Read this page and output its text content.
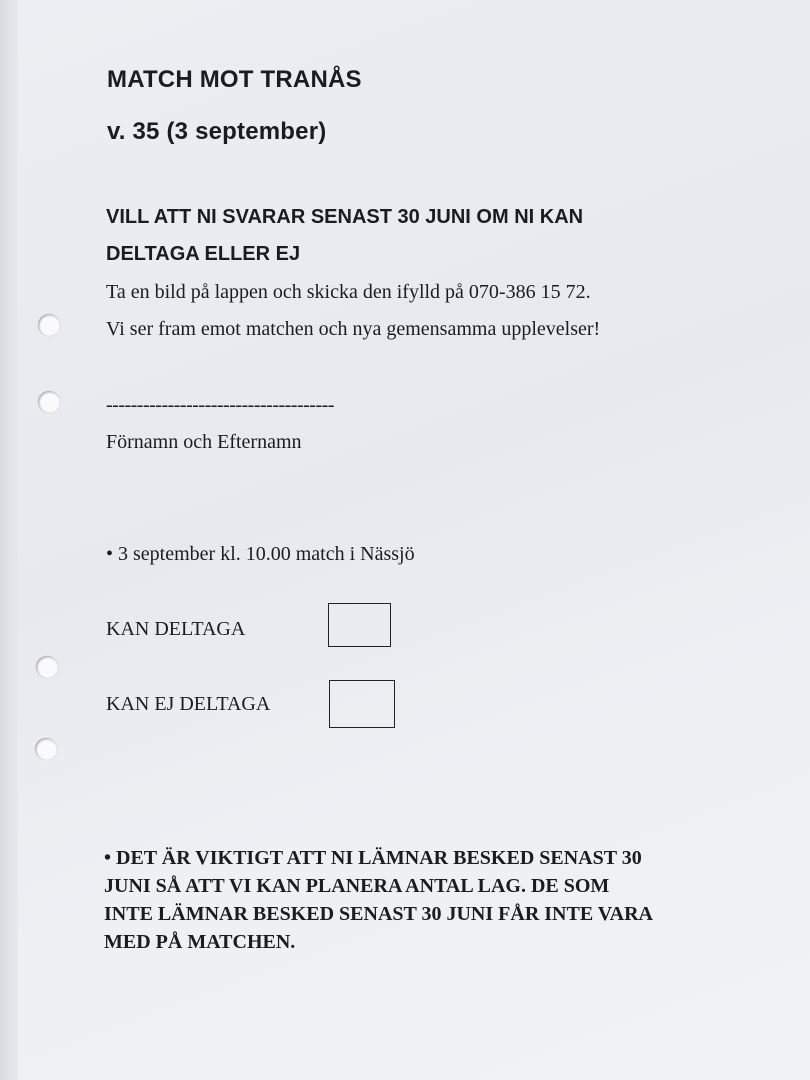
MATCH MOT TRANÅS
v. 35 (3 september)
VILL ATT NI SVARAR SENAST 30 JUNI OM NI KAN
DELTAGA ELLER EJ
Ta en bild på lappen och skicka den ifylld på 070-386 15 72.
Vi ser fram emot matchen och nya gemensamma upplevelser!
-------------------------------------
Förnamn och Efternamn
• 3 september kl. 10.00 match i Nässjö
KAN DELTAGA
KAN EJ DELTAGA
• DET ÄR VIKTIGT ATT NI LÄMNAR BESKED SENAST 30
JUNI SÅ ATT VI KAN PLANERA ANTAL LAG. DE SOM
INTE LÄMNAR BESKED SENAST 30 JUNI FÅR INTE VARA
MED PÅ MATCHEN.
